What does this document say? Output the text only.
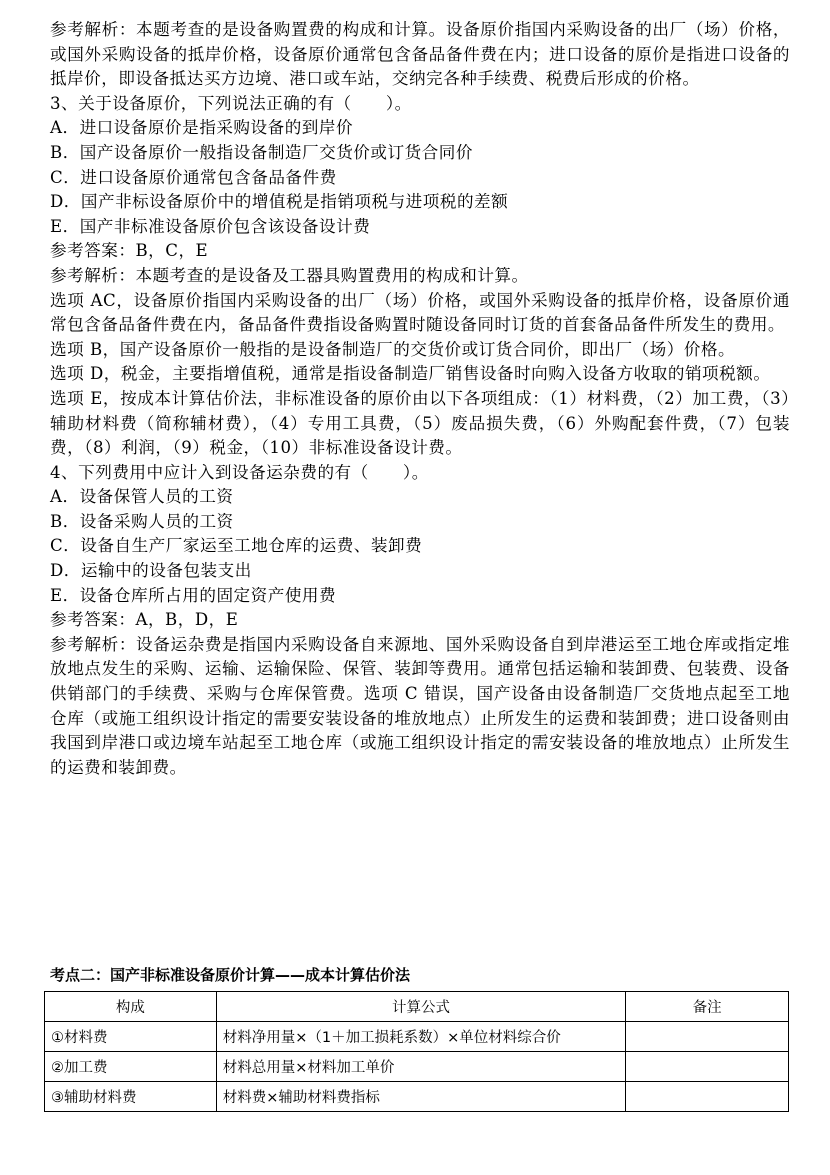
参考解析：本题考查的是设备购置费的构成和计算。设备原价指国内采购设备的出厂（场）价格，或国外采购设备的抵岸价格，设备原价通常包含备品备件费在内；进口设备的原价是指进口设备的抵岸价，即设备抵达买方边境、港口或车站，交纳完各种手续费、税费后形成的价格。

3、关于设备原价，下列说法正确的有（　　）。

A．进口设备原价是指采购设备的到岸价

B．国产设备原价一般指设备制造厂交货价或订货合同价

C．进口设备原价通常包含备品备件费

D．国产非标设备原价中的增值税是指销项税与进项税的差额

E．国产非标准设备原价包含该设备设计费

参考答案：B，C，E

参考解析：本题考查的是设备及工器具购置费用的构成和计算。

选项 AC，设备原价指国内采购设备的出厂（场）价格，或国外采购设备的抵岸价格，设备原价通常包含备品备件费在内，备品备件费指设备购置时随设备同时订货的首套备品备件所发生的费用。

选项 B，国产设备原价一般指的是设备制造厂的交货价或订货合同价，即出厂（场）价格。

选项 D，税金，主要指增值税，通常是指设备制造厂销售设备时向购入设备方收取的销项税额。

选项 E，按成本计算估价法，非标准设备的原价由以下各项组成：（1）材料费，（2）加工费，（3）辅助材料费（简称辅材费），（4）专用工具费，（5）废品损失费，（6）外购配套件费，（7）包装费，（8）利润，（9）税金，（10）非标准设备设计费。

4、下列费用中应计入到设备运杂费的有（　　）。

A．设备保管人员的工资

B．设备采购人员的工资

C．设备自生产厂家运至工地仓库的运费、装卸费

D．运输中的设备包装支出

E．设备仓库所占用的固定资产使用费

参考答案：A，B，D，E

参考解析：设备运杂费是指国内采购设备自来源地、国外采购设备自到岸港运至工地仓库或指定堆放地点发生的采购、运输、运输保险、保管、装卸等费用。通常包括运输和装卸费、包装费、设备供销部门的手续费、采购与仓库保管费。选项 C 错误，国产设备由设备制造厂交货地点起至工地仓库（或施工组织设计指定的需要安装设备的堆放地点）止所发生的运费和装卸费；进口设备则由我国到岸港口或边境车站起至工地仓库（或施工组织设计指定的需安装设备的堆放地点）止所发生的运费和装卸费。

考点二：国产非标准设备原价计算——成本计算估价法
构成	计算公式	备注
①材料费	材料净用量×（1＋加工损耗系数）×单位材料综合价	
②加工费	材料总用量×材料加工单价	
③辅助材料费	材料费×辅助材料费指标	
